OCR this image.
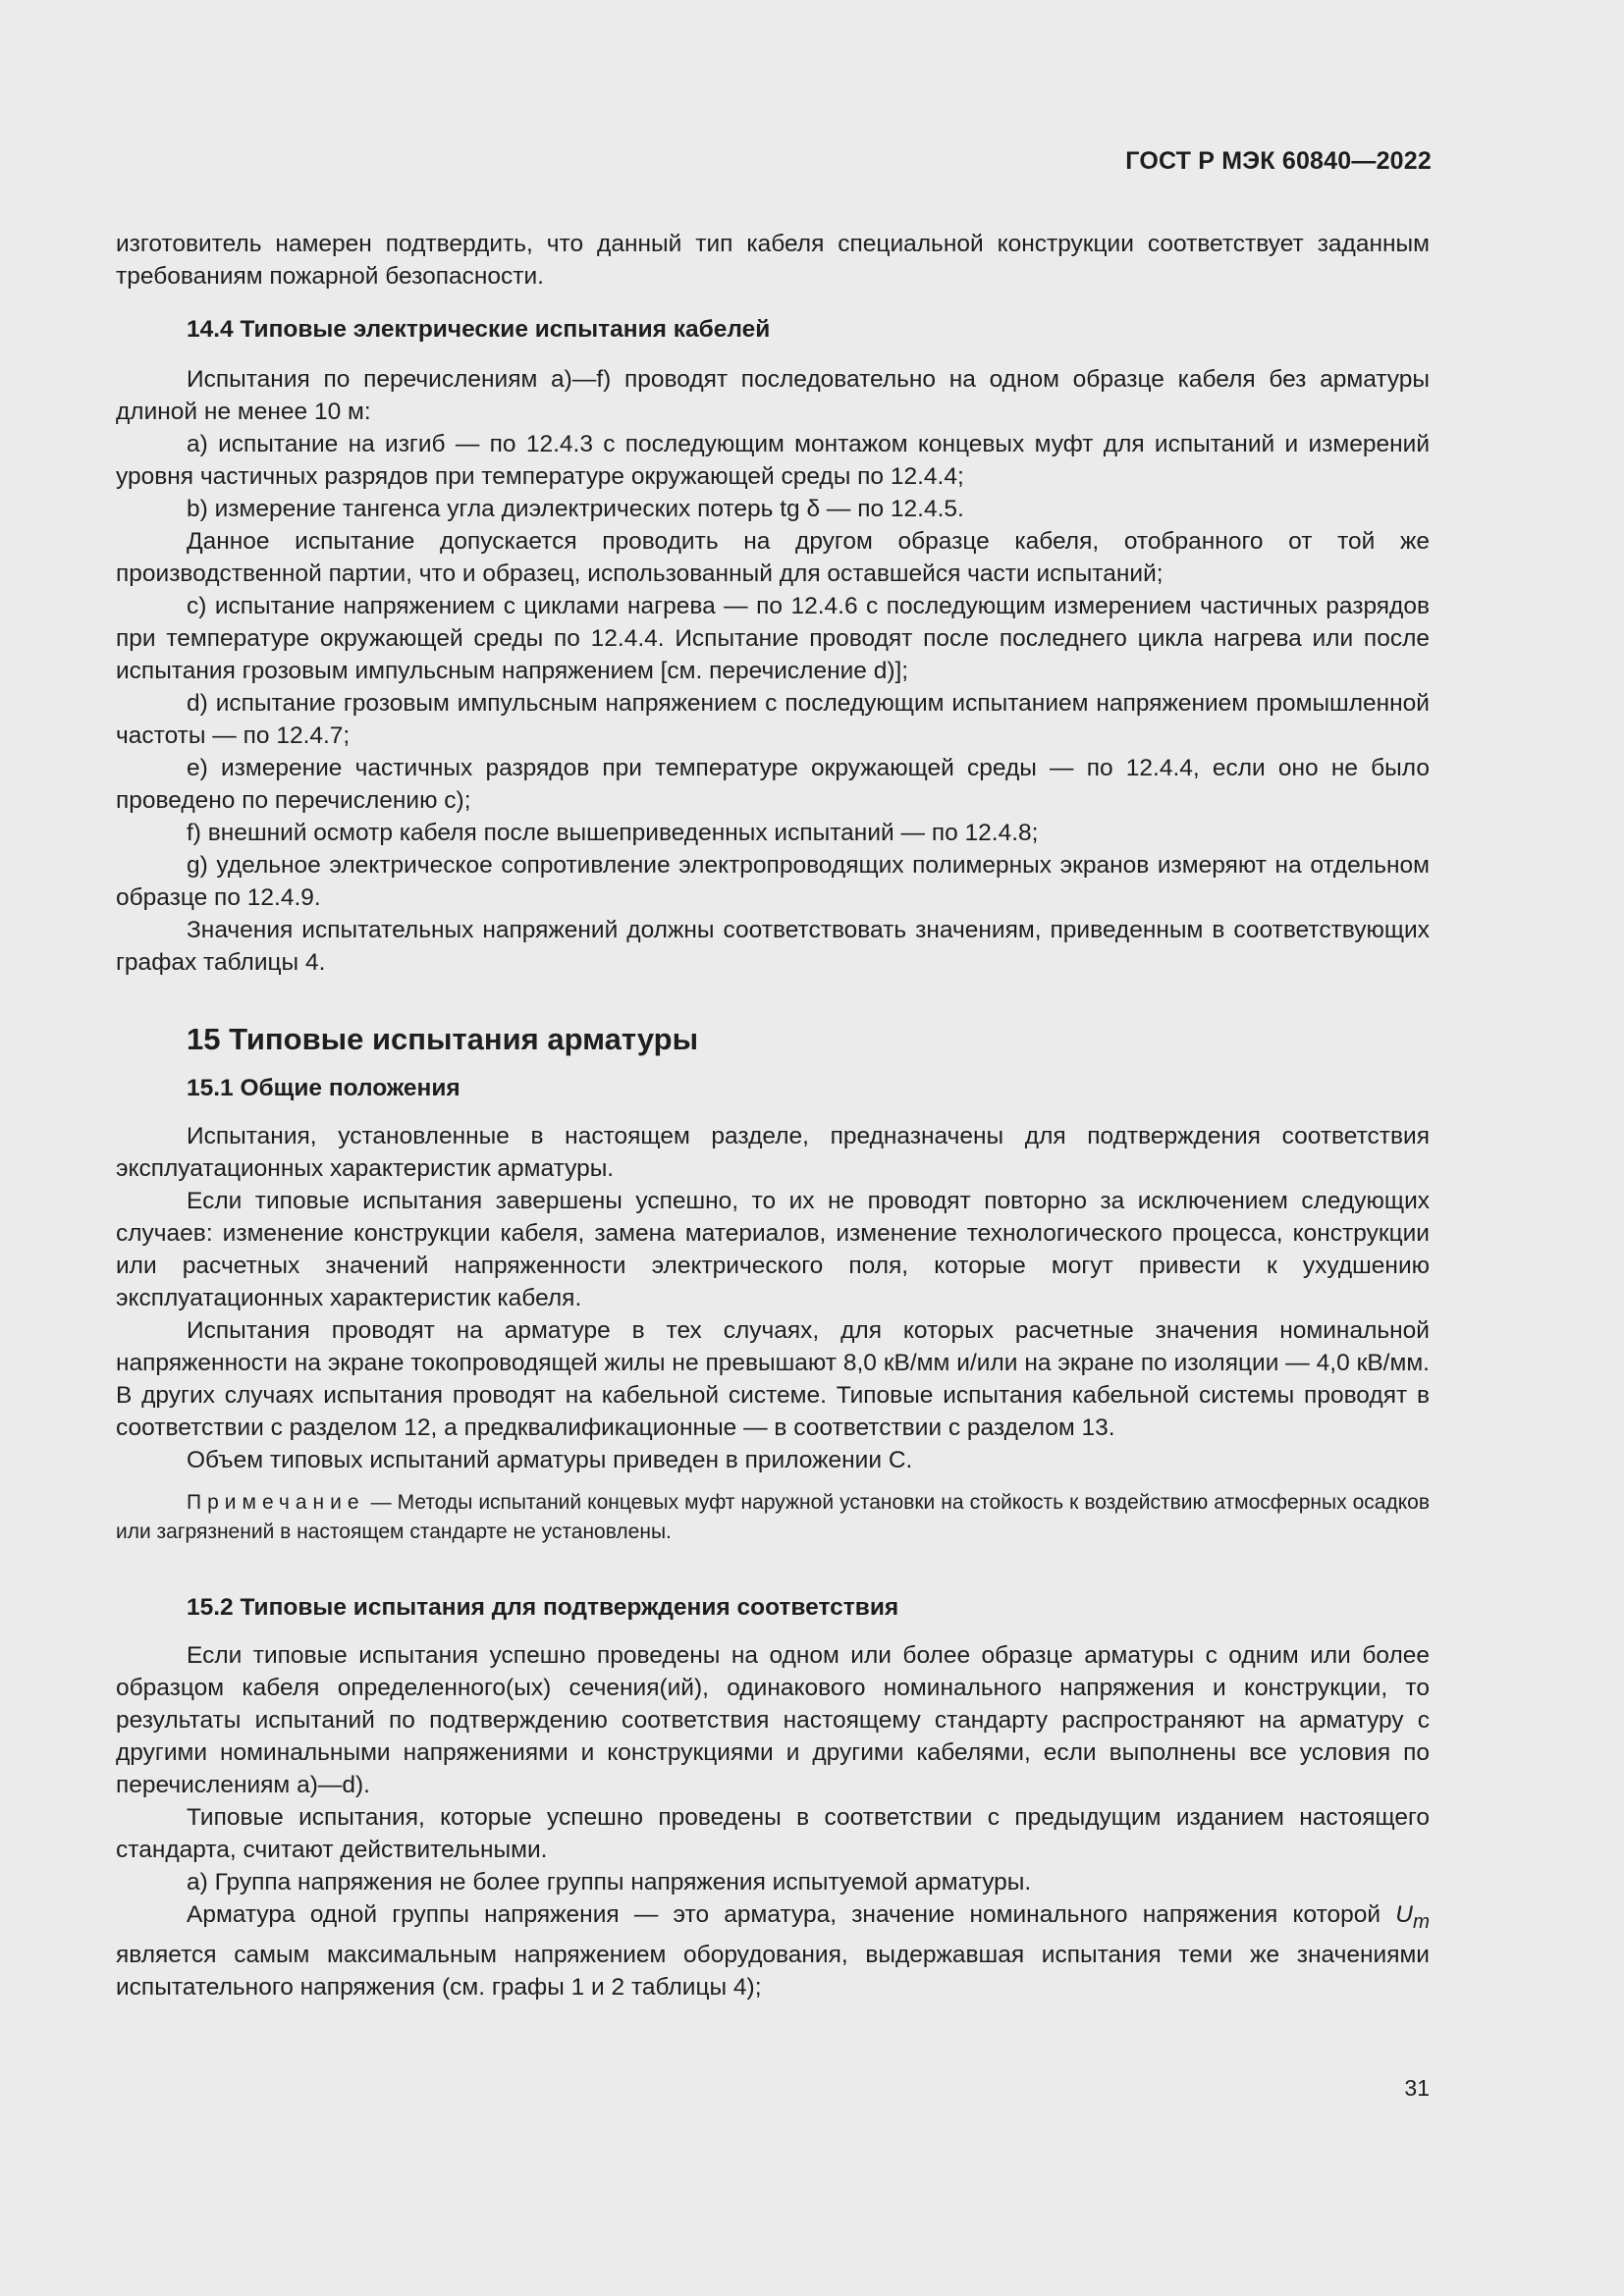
ГОСТ Р МЭК 60840—2022

изготовитель намерен подтвердить, что данный тип кабеля специальной конструкции соответствует заданным требованиям пожарной безопасности.

14.4 Типовые электрические испытания кабелей

Испытания по перечислениям а)—f) проводят последовательно на одном образце кабеля без арматуры длиной не менее 10 м:

a) испытание на изгиб — по 12.4.3 с последующим монтажом концевых муфт для испытаний и измерений уровня частичных разрядов при температуре окружающей среды по 12.4.4;

b) измерение тангенса угла диэлектрических потерь tg δ — по 12.4.5.

Данное испытание допускается проводить на другом образце кабеля, отобранного от той же производственной партии, что и образец, использованный для оставшейся части испытаний;

c) испытание напряжением с циклами нагрева — по 12.4.6 с последующим измерением частичных разрядов при температуре окружающей среды по 12.4.4. Испытание проводят после последнего цикла нагрева или после испытания грозовым импульсным напряжением [см. перечисление d)];

d) испытание грозовым импульсным напряжением с последующим испытанием напряжением промышленной частоты — по 12.4.7;

e) измерение частичных разрядов при температуре окружающей среды — по 12.4.4, если оно не было проведено по перечислению с);

f) внешний осмотр кабеля после вышеприведенных испытаний — по 12.4.8;

g) удельное электрическое сопротивление электропроводящих полимерных экранов измеряют на отдельном образце по 12.4.9.

Значения испытательных напряжений должны соответствовать значениям, приведенным в соответствующих графах таблицы 4.

15 Типовые испытания арматуры
15.1 Общие положения

Испытания, установленные в настоящем разделе, предназначены для подтверждения соответствия эксплуатационных характеристик арматуры.

Если типовые испытания завершены успешно, то их не проводят повторно за исключением следующих случаев: изменение конструкции кабеля, замена материалов, изменение технологического процесса, конструкции или расчетных значений напряженности электрического поля, которые могут привести к ухудшению эксплуатационных характеристик кабеля.

Испытания проводят на арматуре в тех случаях, для которых расчетные значения номинальной напряженности на экране токопроводящей жилы не превышают 8,0 кВ/мм и/или на экране по изоляции — 4,0 кВ/мм. В других случаях испытания проводят на кабельной системе. Типовые испытания кабельной системы проводят в соответствии с разделом 12, а предквалификационные — в соответствии с разделом 13.

Объем типовых испытаний арматуры приведен в приложении С.

Примечание — Методы испытаний концевых муфт наружной установки на стойкость к воздействию атмосферных осадков или загрязнений в настоящем стандарте не установлены.
15.2 Типовые испытания для подтверждения соответствия

Если типовые испытания успешно проведены на одном или более образце арматуры с одним или более образцом кабеля определенного(ых) сечения(ий), одинакового номинального напряжения и конструкции, то результаты испытаний по подтверждению соответствия настоящему стандарту распространяют на арматуру с другими номинальными напряжениями и конструкциями и другими кабелями, если выполнены все условия по перечислениям а)—d).

Типовые испытания, которые успешно проведены в соответствии с предыдущим изданием настоящего стандарта, считают действительными.

a) Группа напряжения не более группы напряжения испытуемой арматуры.

Арматура одной группы напряжения — это арматура, значение номинального напряжения которой $U_m$ является самым максимальным напряжением оборудования, выдержавшая испытания теми же значениями испытательного напряжения (см. графы 1 и 2 таблицы 4);

31
